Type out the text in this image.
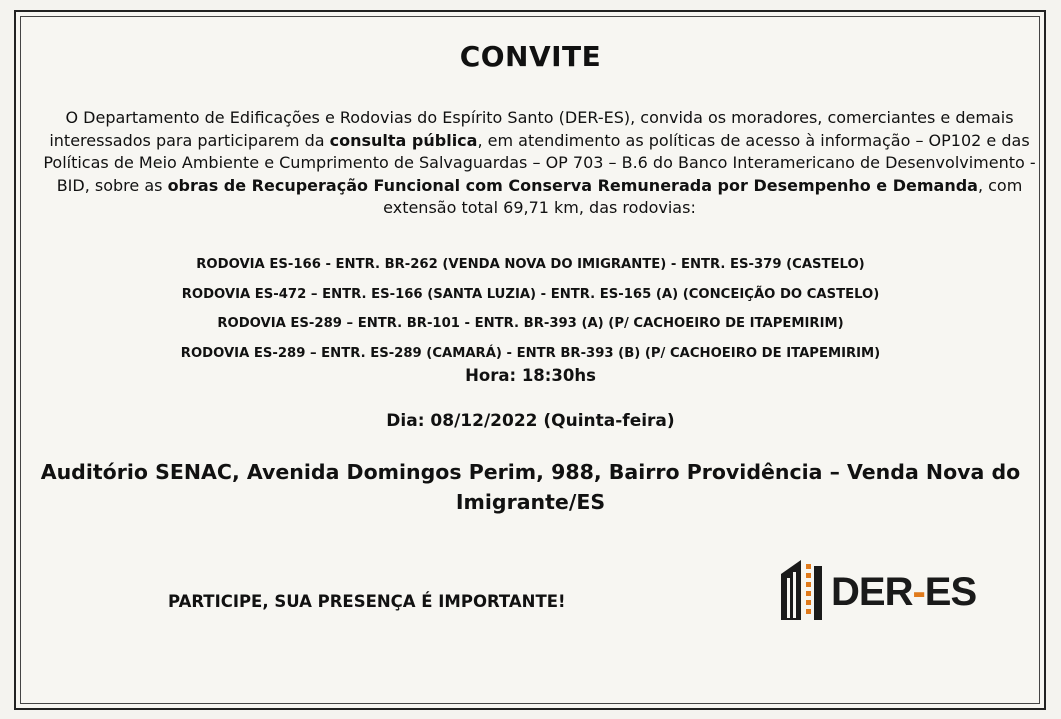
CONVITE
O Departamento de Edificações e Rodovias do Espírito Santo (DER-ES), convida os moradores, comerciantes e demais interessados para participarem da consulta pública, em atendimento as políticas de acesso à informação – OP102 e das Políticas de Meio Ambiente e Cumprimento de Salvaguardas – OP 703 – B.6 do Banco Interamericano de Desenvolvimento - BID, sobre as obras de Recuperação Funcional com Conserva Remunerada por Desempenho e Demanda, com extensão total 69,71 km, das rodovias:
RODOVIA ES-166 - ENTR. BR-262 (VENDA NOVA DO IMIGRANTE) - ENTR. ES-379 (CASTELO)
RODOVIA ES-472 – ENTR. ES-166 (SANTA LUZIA) - ENTR. ES-165 (A) (CONCEIÇÃO DO CASTELO)
RODOVIA ES-289 – ENTR. BR-101 - ENTR. BR-393 (A) (P/ CACHOEIRO DE ITAPEMIRIM)
RODOVIA ES-289 – ENTR. ES-289 (CAMARÁ) - ENTR BR-393 (B) (P/ CACHOEIRO DE ITAPEMIRIM)
Hora: 18:30hs
Dia: 08/12/2022 (Quinta-feira)
Auditório SENAC, Avenida Domingos Perim, 988, Bairro Providência – Venda Nova do Imigrante/ES
PARTICIPE, SUA PRESENÇA É IMPORTANTE!	DER-ES
